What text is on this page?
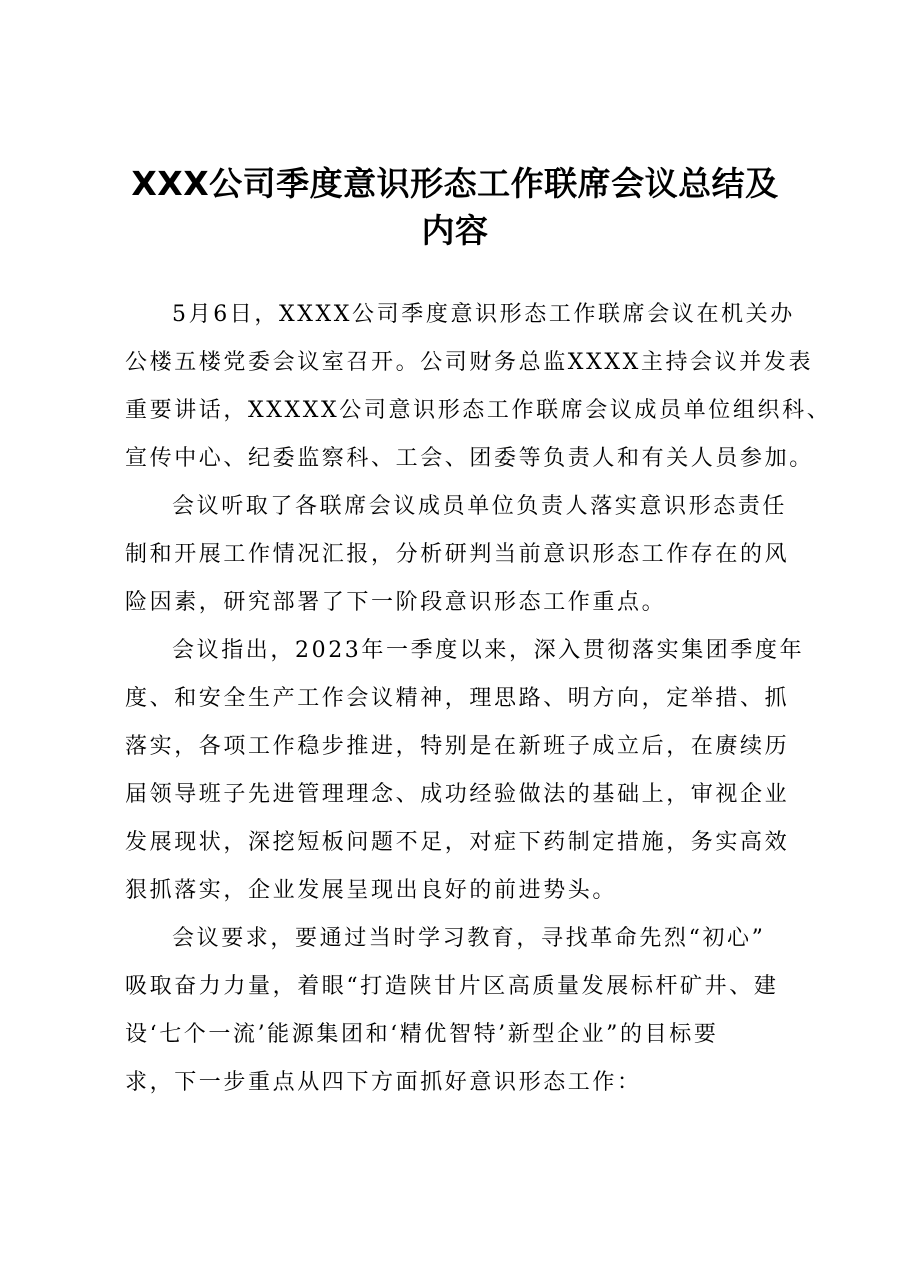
XXX公司季度意识形态工作联席会议总结及内容

5月6日，XXXX公司季度意识形态工作联席会议在机关办

公楼五楼党委会议室召开。公司财务总监XXXX主持会议并发表

重要讲话，XXXXX公司意识形态工作联席会议成员单位组织科、

宣传中心、纪委监察科、工会、团委等负责人和有关人员参加。

会议听取了各联席会议成员单位负责人落实意识形态责任

制和开展工作情况汇报，分析研判当前意识形态工作存在的风

险因素，研究部署了下一阶段意识形态工作重点。

会议指出，2023年一季度以来，深入贯彻落实集团季度年

度、和安全生产工作会议精神，理思路、明方向，定举措、抓

落实，各项工作稳步推进，特别是在新班子成立后，在赓续历

届领导班子先进管理理念、成功经验做法的基础上，审视企业

发展现状，深挖短板问题不足，对症下药制定措施，务实高效

狠抓落实，企业发展呈现出良好的前进势头。

会议要求，要通过当时学习教育，寻找革命先烈“初心”

吸取奋力力量，着眼“打造陕甘片区高质量发展标杆矿井、建

设‘七个一流’能源集团和‘精优智特’新型企业”的目标要

求，下一步重点从四下方面抓好意识形态工作：
